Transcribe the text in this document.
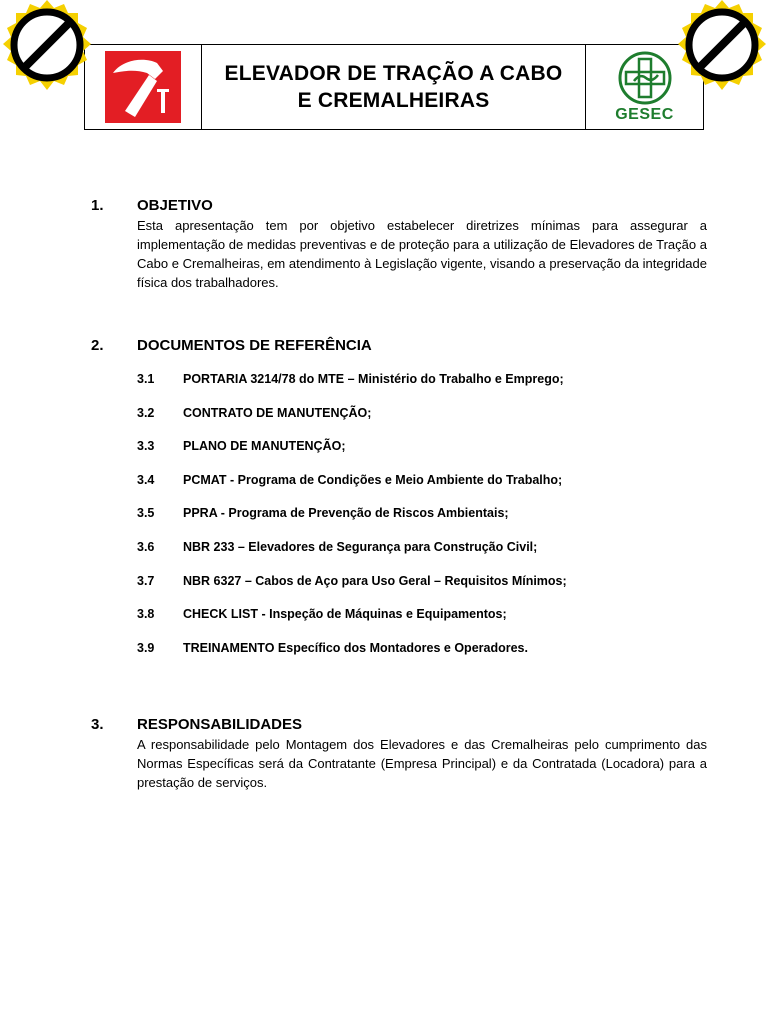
ELEVADOR DE TRAÇÃO A CABO
E CREMALHEIRAS
GESEC
1.	OBJETIVO
Esta apresentação tem por objetivo estabelecer diretrizes mínimas para assegurar a implementação de medidas preventivas e de proteção para a utilização de Elevadores de Tração a Cabo e Cremalheiras, em atendimento à Legislação vigente, visando a preservação da integridade física dos trabalhadores.
2.	DOCUMENTOS DE REFERÊNCIA
3.1	PORTARIA 3214/78 do MTE – Ministério do Trabalho e Emprego;
3.2	CONTRATO DE MANUTENÇÃO;
3.3	PLANO DE MANUTENÇÃO;
3.4	PCMAT - Programa de Condições e Meio Ambiente do Trabalho;
3.5	PPRA - Programa de Prevenção de Riscos Ambientais;
3.6	NBR 233 – Elevadores de Segurança para Construção Civil;
3.7	NBR 6327 – Cabos de Aço para Uso Geral – Requisitos Mínimos;
3.8	CHECK LIST - Inspeção de Máquinas e Equipamentos;
3.9	TREINAMENTO Específico dos Montadores e Operadores.
3.	RESPONSABILIDADES
A responsabilidade pelo Montagem dos Elevadores e das Cremalheiras pelo cumprimento das Normas Específicas será da Contratante (Empresa Principal) e da Contratada (Locadora) para a prestação de serviços.
